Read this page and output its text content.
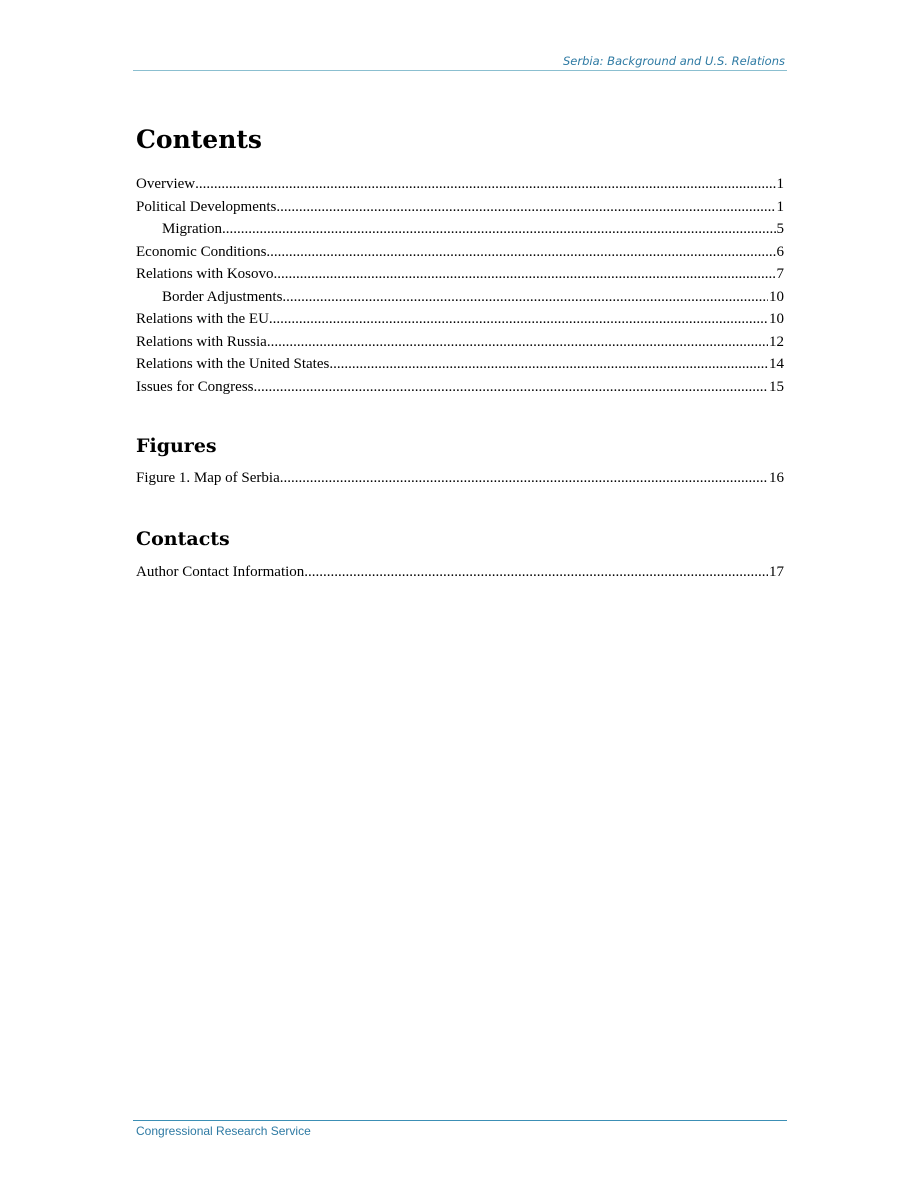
Serbia: Background and U.S. Relations
Contents
Overview .....	1
Political Developments .....	1
Migration .....	5
Economic Conditions .....	6
Relations with Kosovo .....	7
Border Adjustments .....	10
Relations with the EU .....	10
Relations with Russia .....	12
Relations with the United States .....	14
Issues for Congress .....	15
Figures
Figure 1. Map of Serbia .....	16
Contacts
Author Contact Information .....	17
Congressional Research Service
